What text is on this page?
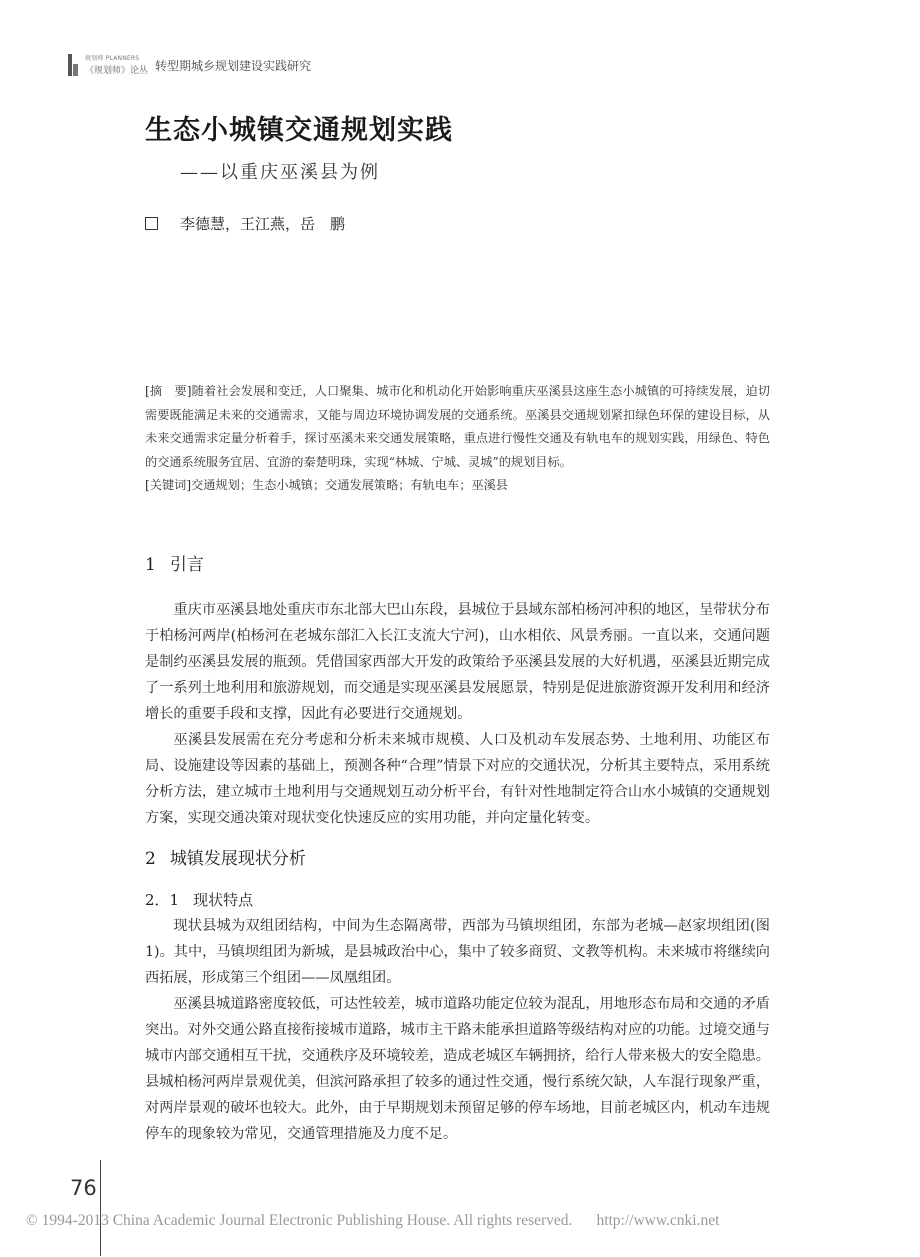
规划师 PLANNERS
《规划师》论丛 转型期城乡规划建设实践研究
生态小城镇交通规划实践
——以重庆巫溪县为例
李德慧，王江燕，岳　鹏

[摘　要]随着社会发展和变迁，人口聚集、城市化和机动化开始影响重庆巫溪县这座生态小城镇的可持续发展，迫切需要既能满足未来的交通需求，又能与周边环境协调发展的交通系统。巫溪县交通规划紧扣绿色环保的建设目标，从未来交通需求定量分析着手，探讨巫溪未来交通发展策略，重点进行慢性交通及有轨电车的规划实践，用绿色、特色的交通系统服务宜居、宜游的秦楚明珠，实现“林城、宁城、灵城”的规划目标。

[关键词]交通规划；生态小城镇；交通发展策略；有轨电车；巫溪县

1 引言

重庆市巫溪县地处重庆市东北部大巴山东段，县城位于县域东部柏杨河冲积的地区，呈带状分布于柏杨河两岸(柏杨河在老城东部汇入长江支流大宁河)，山水相依、风景秀丽。一直以来，交通问题是制约巫溪县发展的瓶颈。凭借国家西部大开发的政策给予巫溪县发展的大好机遇，巫溪县近期完成了一系列土地利用和旅游规划，而交通是实现巫溪县发展愿景，特别是促进旅游资源开发利用和经济增长的重要手段和支撑，因此有必要进行交通规划。

巫溪县发展需在充分考虑和分析未来城市规模、人口及机动车发展态势、土地利用、功能区布局、设施建设等因素的基础上，预测各种“合理”情景下对应的交通状况，分析其主要特点，采用系统分析方法，建立城市土地利用与交通规划互动分析平台，有针对性地制定符合山水小城镇的交通规划方案，实现交通决策对现状变化快速反应的实用功能，并向定量化转变。

2 城镇发展现状分析
2．1 现状特点

现状县城为双组团结构，中间为生态隔离带，西部为马镇坝组团，东部为老城—赵家坝组团(图1)。其中，马镇坝组团为新城，是县城政治中心，集中了较多商贸、文教等机构。未来城市将继续向西拓展，形成第三个组团——凤凰组团。

巫溪县城道路密度较低，可达性较差，城市道路功能定位较为混乱，用地形态布局和交通的矛盾突出。对外交通公路直接衔接城市道路，城市主干路未能承担道路等级结构对应的功能。过境交通与城市内部交通相互干扰，交通秩序及环境较差，造成老城区车辆拥挤，给行人带来极大的安全隐患。县城柏杨河两岸景观优美，但滨河路承担了较多的通过性交通，慢行系统欠缺，人车混行现象严重，对两岸景观的破坏也较大。此外，由于早期规划未预留足够的停车场地，目前老城区内，机动车违规停车的现象较为常见，交通管理措施及力度不足。

76
© 1994-2013 China Academic Journal Electronic Publishing House. All rights reserved. http://www.cnki.net
